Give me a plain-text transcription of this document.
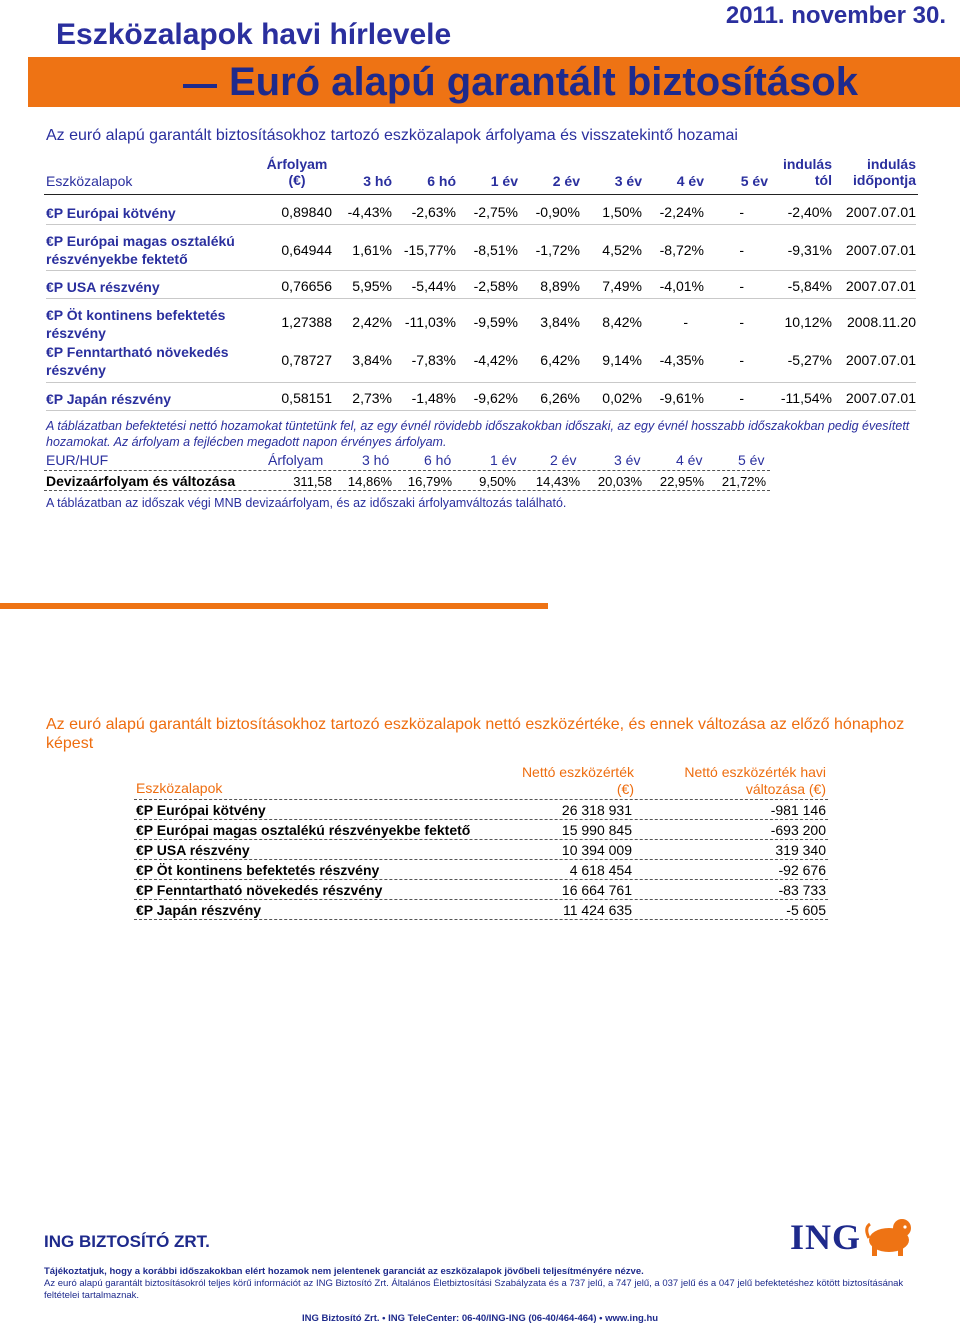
Eszközalapok havi hírlevele
2011. november 30.
Euró alapú garantált biztosítások
Az euró alapú garantált biztosításokhoz tartozó eszközalapok árfolyama és visszatekintő hozamai
Eszközalapok
Árfolyam
(€)	3 hó	6 hó	1 év	2 év	3 év	4 év	5 év
indulás
tól
indulás
időpontja
€P Európai kötvény	0,89840	-4,43%	-2,63%	-2,75%	-0,90%	1,50%	-2,24%	-	-2,40% 2007.07.01
€P Európai magas osztalékú
részvényekbe fektető
0,64944	1,61% -15,77%	-8,51%	-1,72%	4,52%	-8,72%	-	-9,31% 2007.07.01
€P USA részvény	0,76656	5,95%	-5,44%	-2,58%	8,89%	7,49%	-4,01%	-	-5,84% 2007.07.01
€P Öt kontinens befektetés
részvény
1,27388	2,42% -11,03%	-9,59%	3,84%	8,42%	-	-	10,12%	2008.11.20
€P Fenntartható növekedés
részvény
0,78727	3,84%	-7,83%	-4,42%	6,42%	9,14%	-4,35%	-	-5,27% 2007.07.01
€P Japán részvény	0,58151	2,73%	-1,48%	-9,62%	6,26%	0,02%	-9,61%	-	-11,54% 2007.07.01
A táblázatban befektetési nettó hozamokat tüntetünk fel, az egy évnél rövidebb időszakokban időszaki, az egy évnél hosszabb időszakokban pedig évesített hozamokat. Az árfolyam a fejlécben megadott napon érvényes árfolyam.
EUR/HUF	Árfolyam	3 hó 6 hó	1 év 2 év	3 év	4 év	5 év
Devizaárfolyam és változása	311,58	14,86%	16,79%	9,50%	14,43%	20,03%	22,95%	21,72%
A táblázatban az időszak végi MNB devizaárfolyam, és az időszaki árfolyamváltozás található.
Az euró alapú garantált biztosításokhoz tartozó eszközalapok nettó eszközértéke, és ennek változása az előző hónaphoz képest
Eszközalapok
Nettó eszközérték
(€)
Nettó eszközérték havi
változása (€)
€P Európai kötvény	26 318 931	-981 146
€P Európai magas osztalékú részvényekbe fektető	15 990 845	-693 200
€P USA részvény	10 394 009	319 340
€P Öt kontinens befektetés részvény	4 618 454	-92 676
€P Fenntartható növekedés részvény	16 664 761	-83 733
€P Japán részvény	11 424 635	-5 605
ING BIZTOSÍTÓ ZRT.	ING
Tájékoztatjuk, hogy a korábbi időszakokban elért hozamok nem jelentenek garanciát az eszközalapok jövőbeli teljesítményére nézve.
Az euró alapú garantált biztosításokról teljes körű információt az ING Biztosító Zrt. Általános Életbiztosítási Szabályzata és a 737 jelű, a 747 jelű, a 037 jelű és a 047 jelű befektetéshez kötött biztosításának feltételei tartalmaznak.
ING Biztosító Zrt. • ING TeleCenter: 06-40/ING-ING (06-40/464-464) • www.ing.hu
